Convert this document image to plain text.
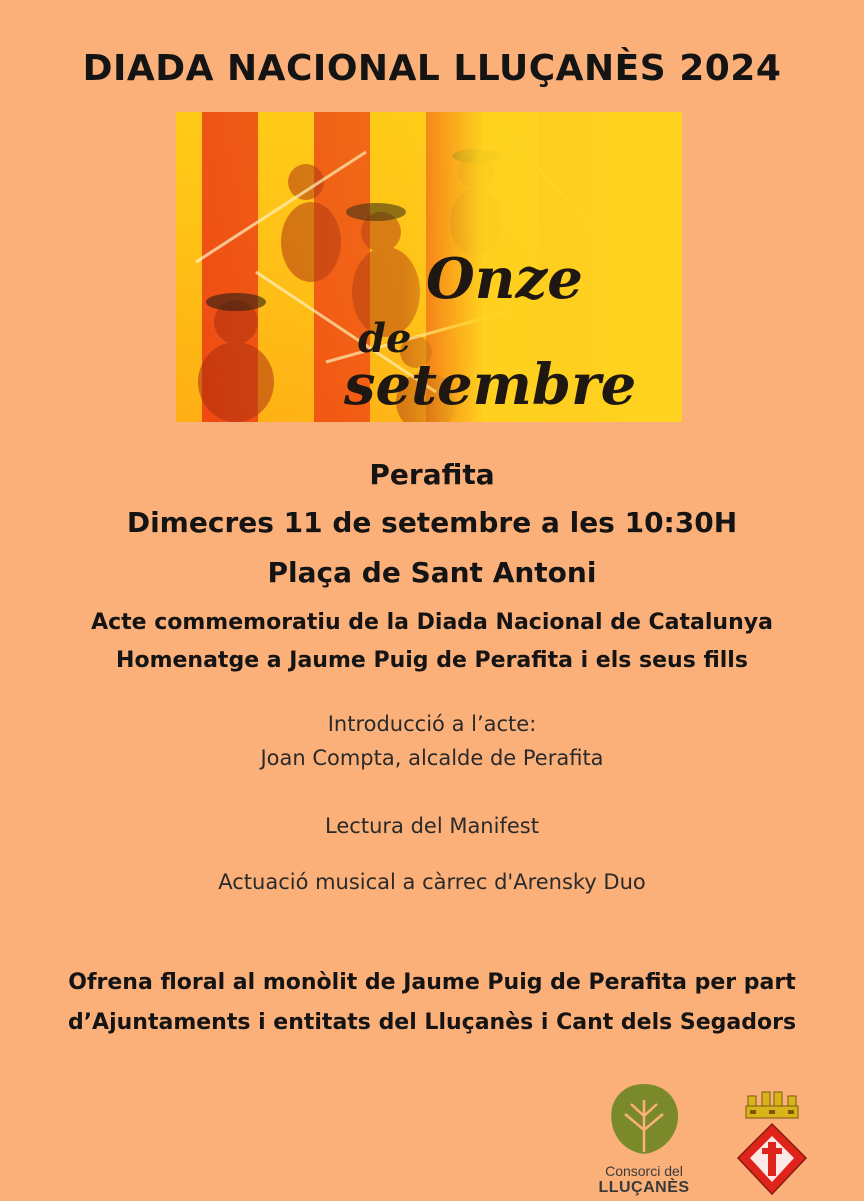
DIADA NACIONAL LLUÇANÈS 2024
Onze
de
setembre
Perafita
Dimecres 11 de setembre a les 10:30H
Plaça de Sant Antoni
Acte commemoratiu de la Diada Nacional de Catalunya
Homenatge a Jaume Puig de Perafita i els seus fills
Introducció a l’acte:
Joan Compta, alcalde de Perafita
Lectura del Manifest
Actuació musical a càrrec d'Arensky Duo
Ofrena floral al monòlit de Jaume Puig de Perafita per part
d’Ajuntaments i entitats del Lluçanès i Cant dels Segadors
Consorci del
LLUÇANÈS
